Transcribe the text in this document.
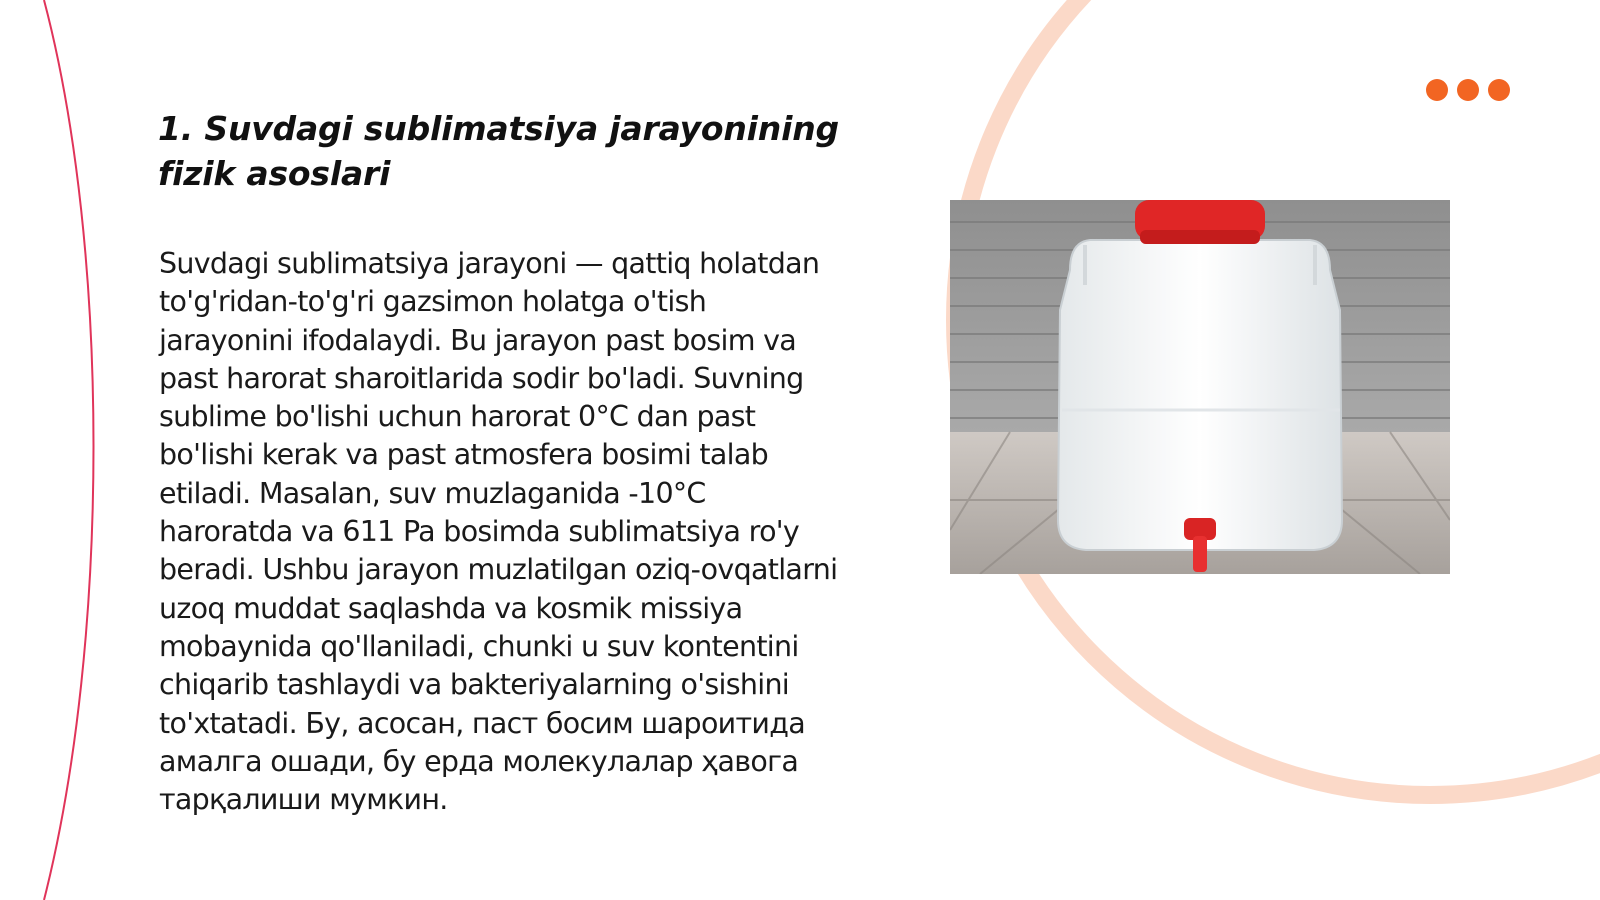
1. Suvdagi sublimatsiya jarayonining fizik asoslari

Suvdagi sublimatsiya jarayoni — qattiq holatdan to'g'ridan-to'g'ri gazsimon holatga o'tish jarayonini ifodalaydi. Bu jarayon past bosim va past harorat sharoitlarida sodir bo'ladi. Suvning sublime bo'lishi uchun harorat 0°C dan past bo'lishi kerak va past atmosfera bosimi talab etiladi. Masalan, suv muzlaganida -10°C haroratda va 611 Pa bosimda sublimatsiya ro'y beradi. Ushbu jarayon muzlatilgan oziq-ovqatlarni uzoq muddat saqlashda va kosmik missiya mobaynida qo'llaniladi, chunki u suv kontentini chiqarib tashlaydi va bakteriyalarning o'sishini to'xtatadi. Бу, асосан, паст босим шароитида амалга ошади, бу ерда молекулалар ҳавога тарқалиши мумкин.
